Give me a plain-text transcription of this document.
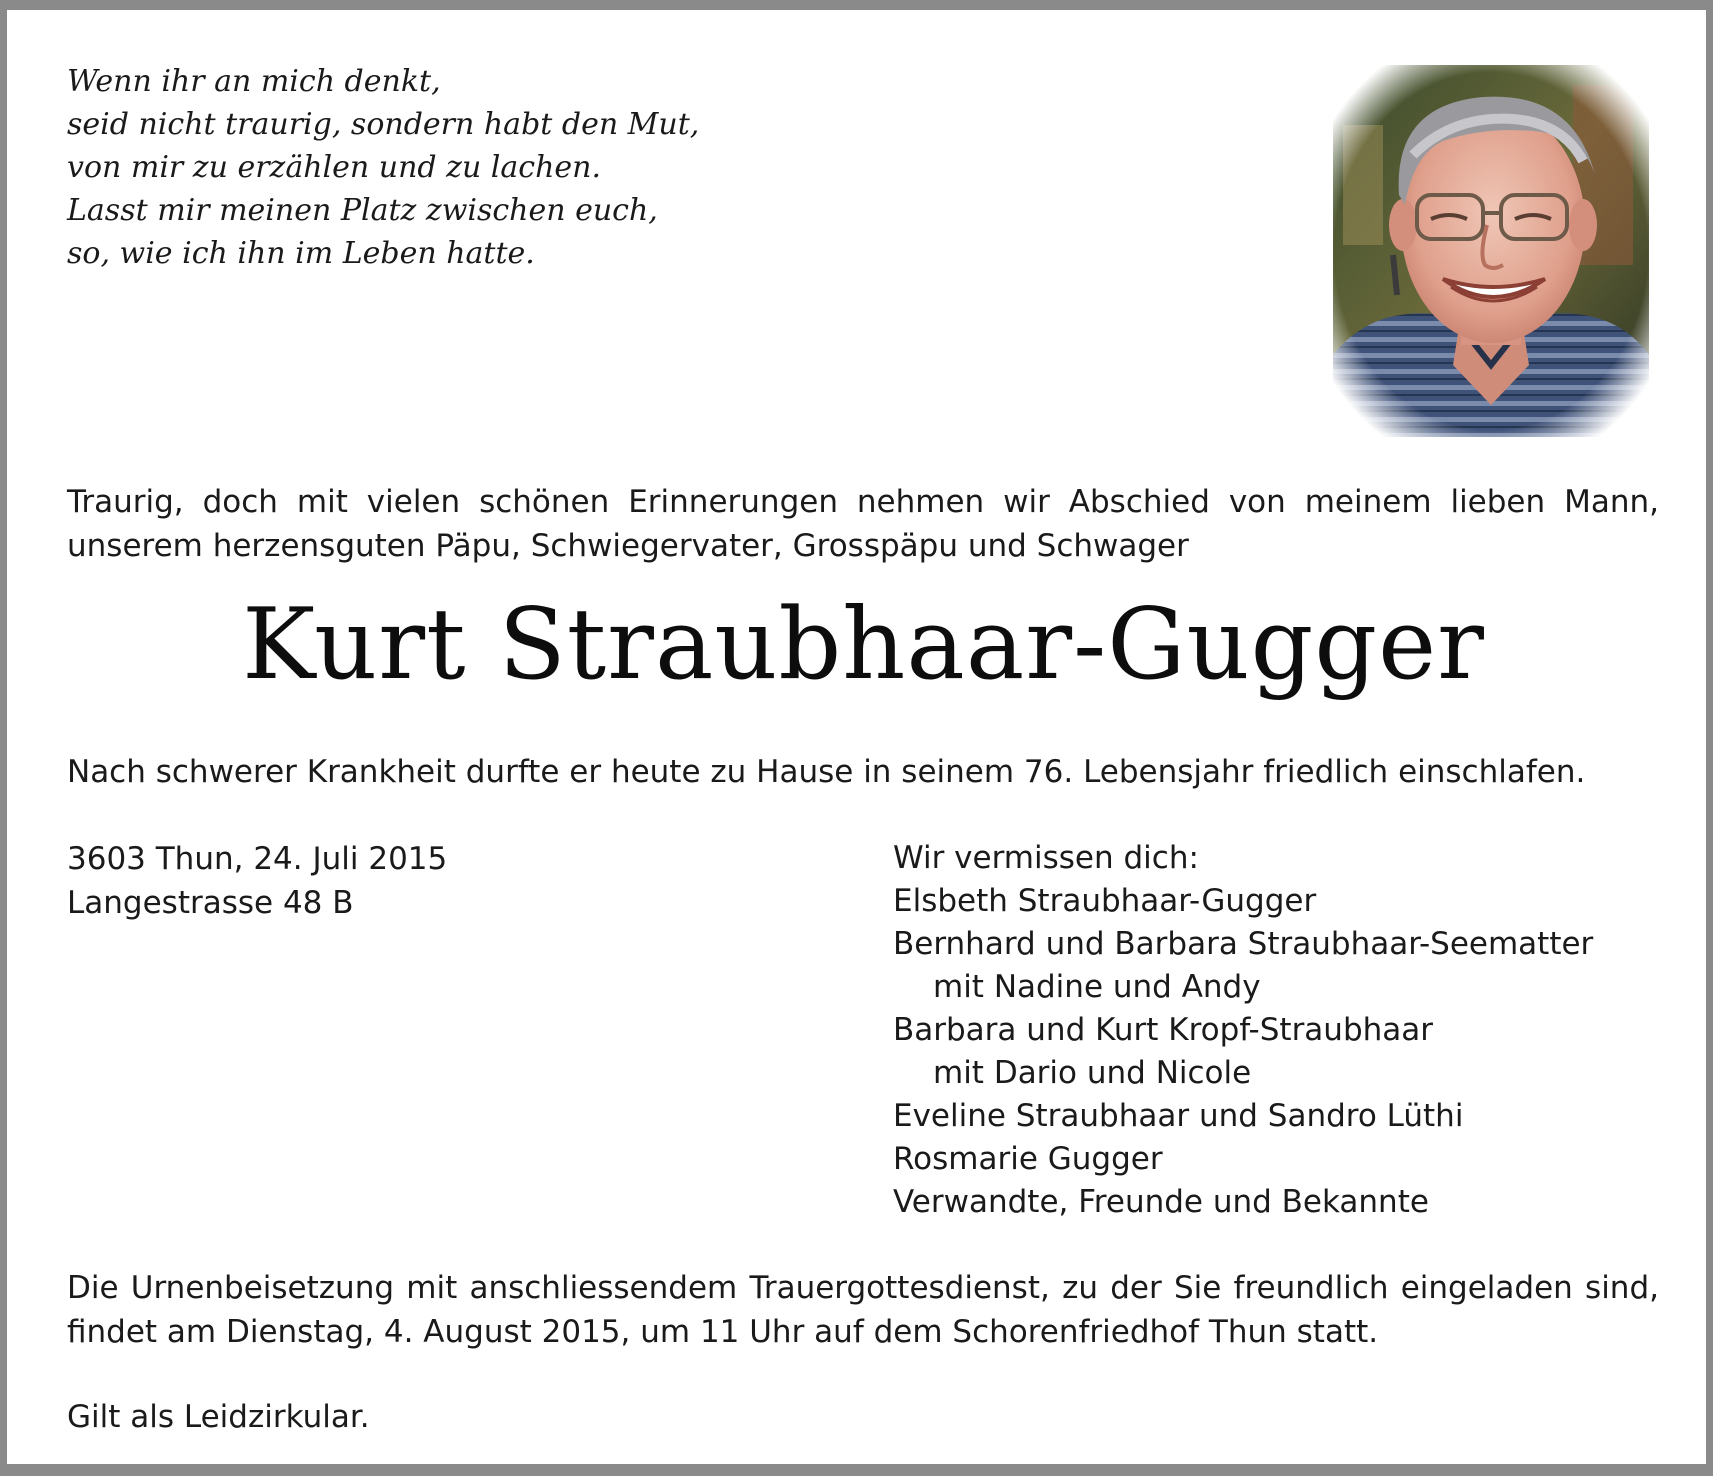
Wenn ihr an mich denkt,
seid nicht traurig, sondern habt den Mut,
von mir zu erzählen und zu lachen.
Lasst mir meinen Platz zwischen euch,
so, wie ich ihn im Leben hatte.
Traurig, doch mit vielen schönen Erinnerungen nehmen wir Abschied von meinem lieben Mann, unserem herzensguten Päpu, Schwiegervater, Grosspäpu und Schwager
Kurt Straubhaar-Gugger
Nach schwerer Krankheit durfte er heute zu Hause in seinem 76. Lebensjahr friedlich einschlafen.
3603 Thun, 24. Juli 2015
Langestrasse 48 B
Wir vermissen dich:
Elsbeth Straubhaar-Gugger
Bernhard und Barbara Straubhaar-Seematter
mit Nadine und Andy
Barbara und Kurt Kropf-Straubhaar
mit Dario und Nicole
Eveline Straubhaar und Sandro Lüthi
Rosmarie Gugger
Verwandte, Freunde und Bekannte
Die Urnenbeisetzung mit anschliessendem Trauergottesdienst, zu der Sie freundlich eingeladen sind, findet am Dienstag, 4. August 2015, um 11 Uhr auf dem Schorenfriedhof Thun statt.
Gilt als Leidzirkular.
